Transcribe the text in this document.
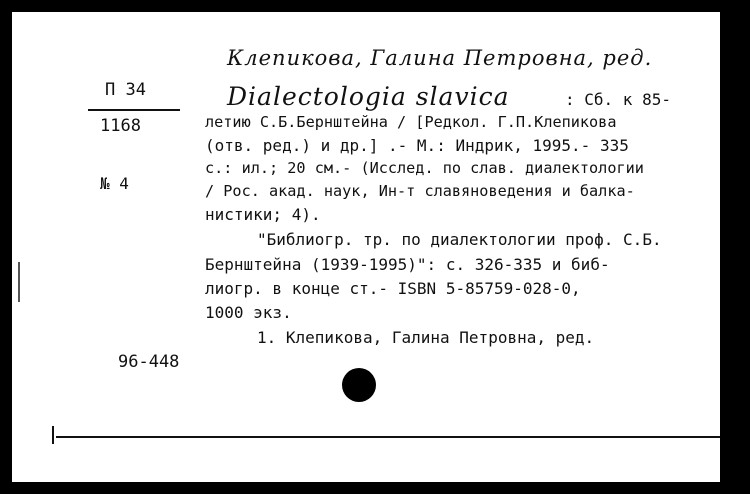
П 34
1168
№ 4
96-448
Клепикова, Галина Петровна, ред.
Dialectologia slavica	: Сб. к 85-
летию С.Б.Бернштейна / [Редкол. Г.П.Клепикова
(отв. ред.) и др.] .- М.: Индрик, 1995.- 335
с.: ил.; 20 см.- (Исслед. по слав. диалектологии
/ Рос. акад. наук, Ин-т славяноведения и балка-
нистики; 4).
"Библиогр. тр. по диалектологии проф. С.Б.
Бернштейна (1939-1995)": с. 326-335 и биб-
лиогр. в конце ст.- ISBN 5-85759-028-0,
1000 экз.
1. Клепикова, Галина Петровна, ред.
